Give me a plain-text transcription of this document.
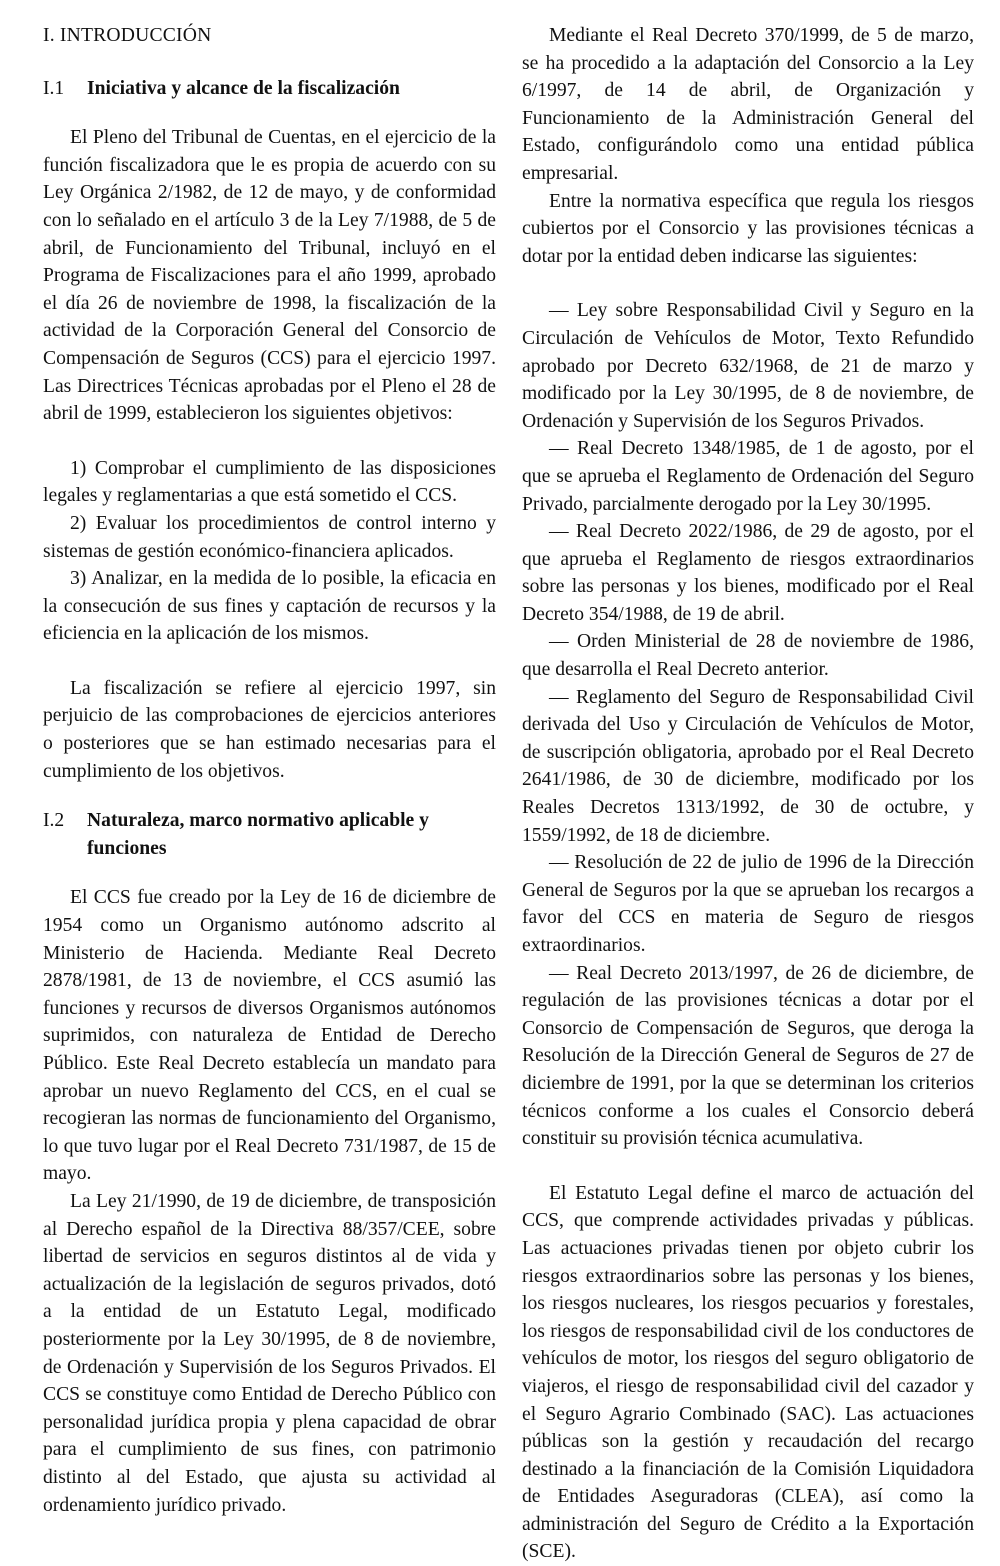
I. INTRODUCCIÓN
I.1	Iniciativa y alcance de la fiscalización

El Pleno del Tribunal de Cuentas, en el ejercicio de la función fiscalizadora que le es propia de acuerdo con su Ley Orgánica 2/1982, de 12 de mayo, y de conformidad con lo señalado en el artículo 3 de la Ley 7/1988, de 5 de abril, de Funcionamiento del Tribunal, incluyó en el Programa de Fiscalizaciones para el año 1999, aprobado el día 26 de noviembre de 1998, la fiscalización de la actividad de la Corporación General del Consorcio de Compensación de Seguros (CCS) para el ejercicio 1997. Las Directrices Técnicas aprobadas por el Pleno el 28 de abril de 1999, establecieron los siguientes objetivos:

1) Comprobar el cumplimiento de las disposiciones legales y reglamentarias a que está sometido el CCS.

2) Evaluar los procedimientos de control interno y sistemas de gestión económico-financiera aplicados.

3) Analizar, en la medida de lo posible, la eficacia en la consecución de sus fines y captación de recursos y la eficiencia en la aplicación de los mismos.

La fiscalización se refiere al ejercicio 1997, sin perjuicio de las comprobaciones de ejercicios anteriores o posteriores que se han estimado necesarias para el cumplimiento de los objetivos.

I.2	Naturaleza, marco normativo aplicable y funciones

El CCS fue creado por la Ley de 16 de diciembre de 1954 como un Organismo autónomo adscrito al Ministerio de Hacienda. Mediante Real Decreto 2878/1981, de 13 de noviembre, el CCS asumió las funciones y recursos de diversos Organismos autónomos suprimidos, con naturaleza de Entidad de Derecho Público. Este Real Decreto establecía un mandato para aprobar un nuevo Reglamento del CCS, en el cual se recogieran las normas de funcionamiento del Organismo, lo que tuvo lugar por el Real Decreto 731/1987, de 15 de mayo.

La Ley 21/1990, de 19 de diciembre, de transposición al Derecho español de la Directiva 88/357/CEE, sobre libertad de servicios en seguros distintos al de vida y actualización de la legislación de seguros privados, dotó a la entidad de un Estatuto Legal, modificado posteriormente por la Ley 30/1995, de 8 de noviembre, de Ordenación y Supervisión de los Seguros Privados. El CCS se constituye como Entidad de Derecho Público con personalidad jurídica propia y plena capacidad de obrar para el cumplimiento de sus fines, con patrimonio distinto al del Estado, que ajusta su actividad al ordenamiento jurídico privado.

Mediante el Real Decreto 370/1999, de 5 de marzo, se ha procedido a la adaptación del Consorcio a la Ley 6/1997, de 14 de abril, de Organización y Funcionamiento de la Administración General del Estado, configurándolo como una entidad pública empresarial.

Entre la normativa específica que regula los riesgos cubiertos por el Consorcio y las provisiones técnicas a dotar por la entidad deben indicarse las siguientes:

— Ley sobre Responsabilidad Civil y Seguro en la Circulación de Vehículos de Motor, Texto Refundido aprobado por Decreto 632/1968, de 21 de marzo y modificado por la Ley 30/1995, de 8 de noviembre, de Ordenación y Supervisión de los Seguros Privados.

— Real Decreto 1348/1985, de 1 de agosto, por el que se aprueba el Reglamento de Ordenación del Seguro Privado, parcialmente derogado por la Ley 30/1995.

— Real Decreto 2022/1986, de 29 de agosto, por el que aprueba el Reglamento de riesgos extraordinarios sobre las personas y los bienes, modificado por el Real Decreto 354/1988, de 19 de abril.

— Orden Ministerial de 28 de noviembre de 1986, que desarrolla el Real Decreto anterior.

— Reglamento del Seguro de Responsabilidad Civil derivada del Uso y Circulación de Vehículos de Motor, de suscripción obligatoria, aprobado por el Real Decreto 2641/1986, de 30 de diciembre, modificado por los Reales Decretos 1313/1992, de 30 de octubre, y 1559/1992, de 18 de diciembre.

— Resolución de 22 de julio de 1996 de la Dirección General de Seguros por la que se aprueban los recargos a favor del CCS en materia de Seguro de riesgos extraordinarios.

— Real Decreto 2013/1997, de 26 de diciembre, de regulación de las provisiones técnicas a dotar por el Consorcio de Compensación de Seguros, que deroga la Resolución de la Dirección General de Seguros de 27 de diciembre de 1991, por la que se determinan los criterios técnicos conforme a los cuales el Consorcio deberá constituir su provisión técnica acumulativa.

El Estatuto Legal define el marco de actuación del CCS, que comprende actividades privadas y públicas. Las actuaciones privadas tienen por objeto cubrir los riesgos extraordinarios sobre las personas y los bienes, los riesgos nucleares, los riesgos pecuarios y forestales, los riesgos de responsabilidad civil de los conductores de vehículos de motor, los riesgos del seguro obligatorio de viajeros, el riesgo de responsabilidad civil del cazador y el Seguro Agrario Combinado (SAC). Las actuaciones públicas son la gestión y recaudación del recargo destinado a la financiación de la Comisión Liquidadora de Entidades Aseguradoras (CLEA), así como la administración del Seguro de Crédito a la Exportación (SCE).
